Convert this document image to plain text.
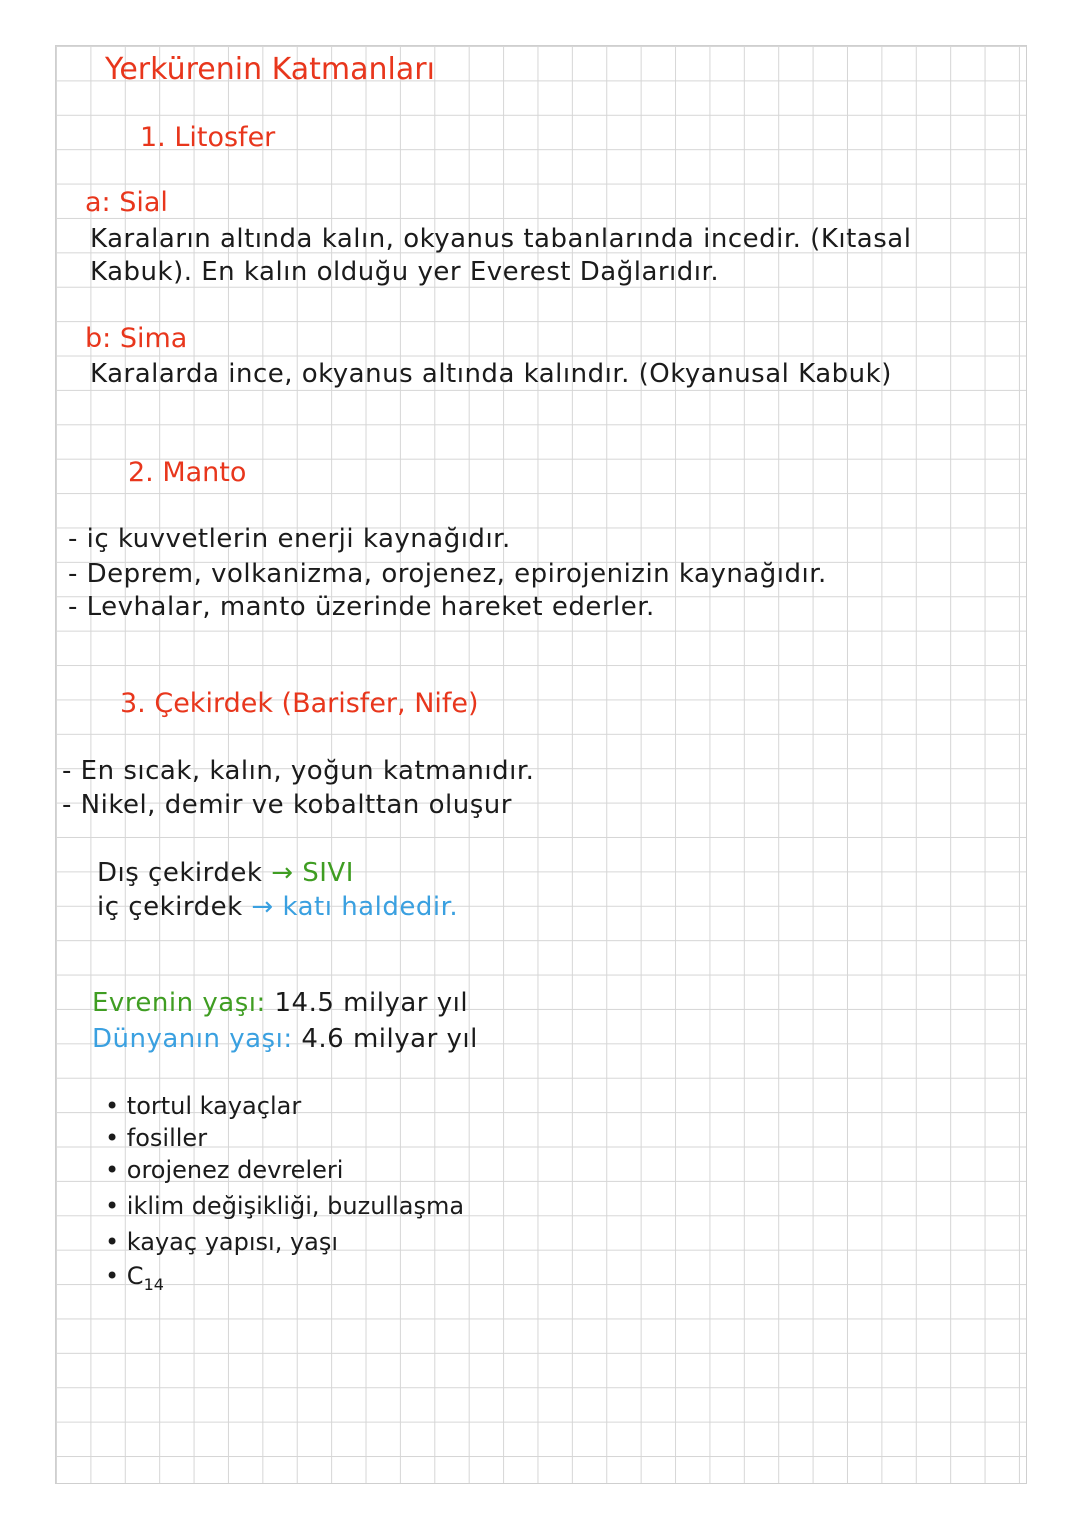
Yerkürenin Katmanları
1. Litosfer
a: Sial
Karaların altında kalın, okyanus tabanlarında incedir. (Kıtasal
Kabuk). En kalın olduğu yer Everest Dağlarıdır.
b: Sima
Karalarda ince, okyanus altında kalındır. (Okyanusal Kabuk)
2. Manto
- iç kuvvetlerin enerji kaynağıdır.
- Deprem, volkanizma, orojenez, epirojenizin kaynağıdır.
- Levhalar, manto üzerinde hareket ederler.
3. Çekirdek (Barisfer, Nife)
- En sıcak, kalın, yoğun katmanıdır.
- Nikel, demir ve kobalttan oluşur
Dış çekirdek → SIVI
iç çekirdek → katı haldedir.
Evrenin yaşı: 14.5 milyar yıl
Dünyanın yaşı: 4.6 milyar yıl
• tortul kayaçlar
• fosiller
• orojenez devreleri
• iklim değişikliği, buzullaşma
• kayaç yapısı, yaşı
• $C_{14}$
